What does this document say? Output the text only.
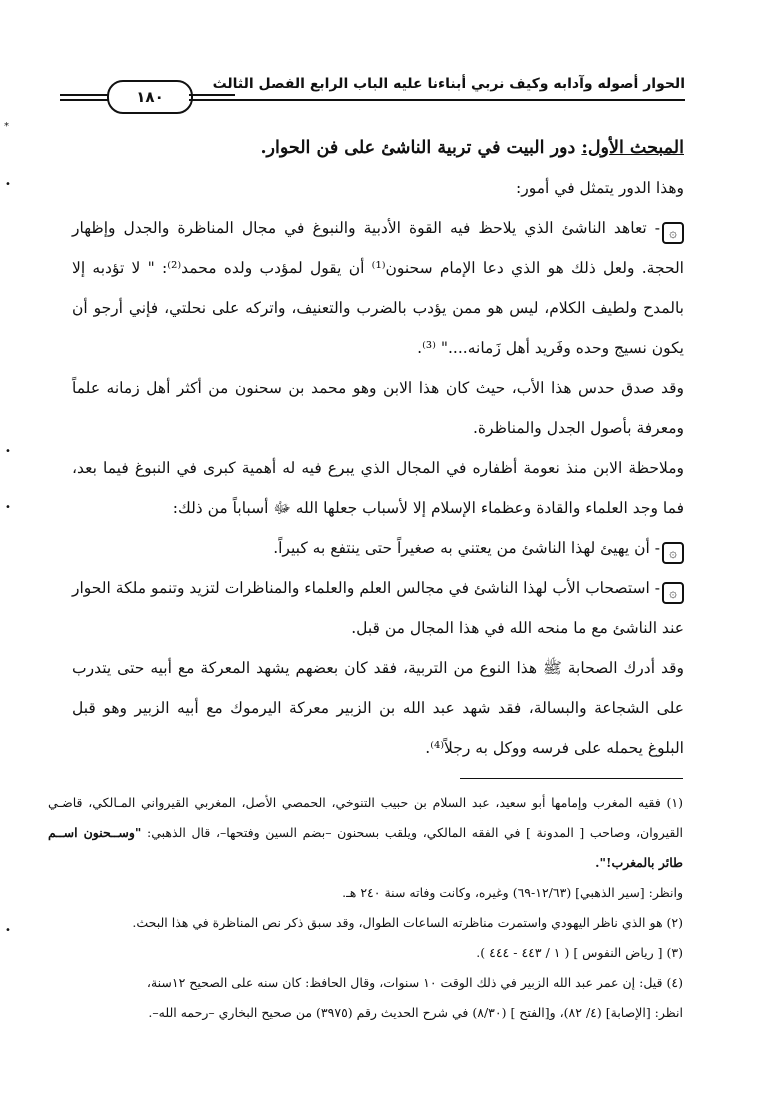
الحوار أصوله وآدابه وكيف نربي أبناءنا عليه الباب الرابع الفصل الثالث
١٨٠
*
•
•
•
•

المبحث الأول: دور البيت في تربية الناشئ على فن الحوار.

وهذا الدور يتمثل في أمور:

۞- تعاهد الناشئ الذي يلاحظ فيه القوة الأدبية والنبوغ في مجال المناظرة والجدل وإظهار الحجة. ولعل ذلك هو الذي دعا الإمام سحنون⁽¹⁾ أن يقول لمؤدب ولده محمد⁽²⁾: " لا تؤدبه إلا بالمدح ولطيف الكلام، ليس هو ممن يؤدب بالضرب والتعنيف، واتركه على نحلتي، فإني أرجو أن يكون نسيج وحده وفَريد أهل زَمانه...." ⁽³⁾.

وقد صدق حدس هذا الأب، حيث كان هذا الابن وهو محمد بن سحنون من أكثر أهل زمانه علماً ومعرفة بأصول الجدل والمناظرة.

وملاحظة الابن منذ نعومة أظفاره في المجال الذي يبرع فيه له أهمية كبرى في النبوغ فيما بعد، فما وجد العلماء والقادة وعظماء الإسلام إلا لأسباب جعلها الله ﷻ أسباباً من ذلك:

۞- أن يهيئ لهذا الناشئ من يعتني به صغيراً حتى ينتفع به كبيراً.

۞- استصحاب الأب لهذا الناشئ في مجالس العلم والعلماء والمناظرات لتزيد وتنمو ملكة الحوار عند الناشئ مع ما منحه الله في هذا المجال من قبل.

وقد أدرك الصحابة ﷺ هذا النوع من التربية، فقد كان بعضهم يشهد المعركة مع أبيه حتى يتدرب على الشجاعة والبسالة، فقد شهد عبد الله بن الزبير معركة اليرموك مع أبيه الزبير وهو قبل البلوغ يحمله على فرسه ووكل به رجلاً⁽⁴⁾.

(١) فقيه المغرب وإمامها أبو سعيد، عبد السلام بن حبيب التنوخي، الحمصي الأصل، المغربي القيرواني المـالكي، قاضـي القيروان، وصاحب [ المدونة ] في الفقه المالكي، ويلقب بسحنون –بضم السين وفتحها–، قال الذهبي: "وســحنون اســم طائر بالمغرب!".

وانظر: [سير الذهبي] (١٢/٦٣-٦٩) وغيره، وكانت وفاته سنة ٢٤٠ هـ.

(٢) هو الذي ناظر اليهودي واستمرت مناظرته الساعات الطوال، وقد سبق ذكر نص المناظرة في هذا البحث.

(٣) [ رياض النفوس ] ( ١ / ٤٤٣ - ٤٤٤ ).

(٤) قيل: إن عمر عبد الله الزبير في ذلك الوقت ١٠ سنوات، وقال الحافظ: كان سنه على الصحيح ١٢سنة،

انظر: [الإصابة] (٤/ ٨٢)، و[الفتح ] (٨/٣٠) في شرح الحديث رقم (٣٩٧٥) من صحيح البخاري –رحمه الله–.
